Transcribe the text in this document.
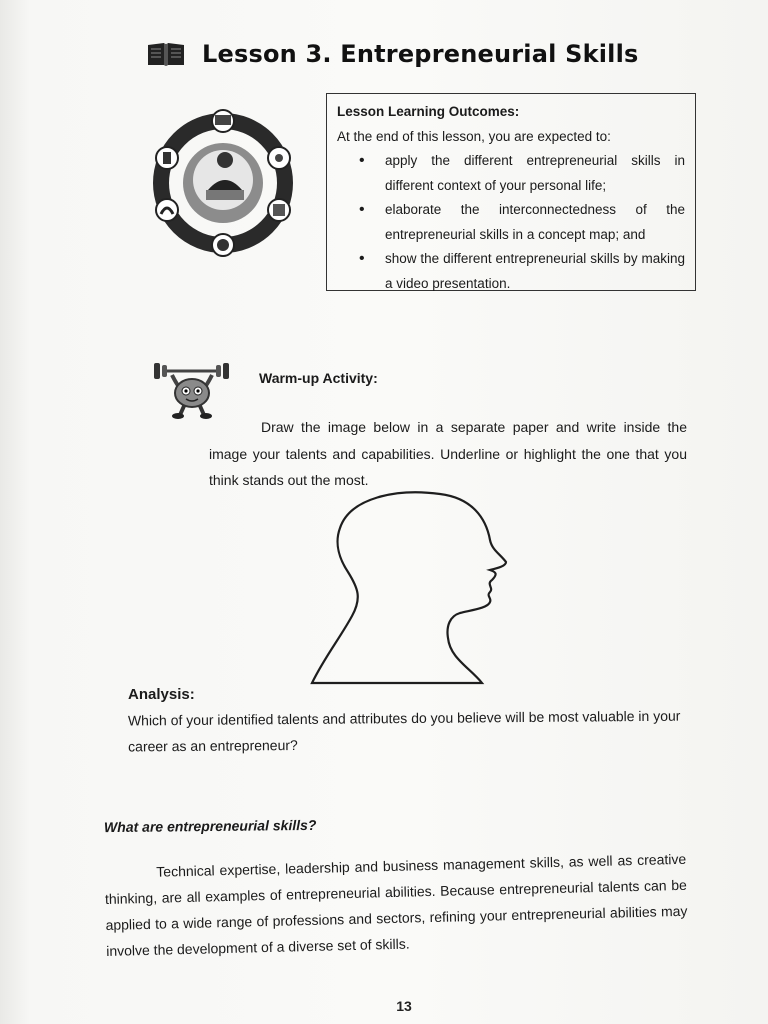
Lesson 3. Entrepreneurial Skills
Lesson Learning Outcomes:
At the end of this lesson, you are expected to:
• apply the different entrepreneurial skills in different context of your personal life;
• elaborate the interconnectedness of the entrepreneurial skills in a concept map; and
• show the different entrepreneurial skills by making a video presentation.
Warm-up Activity:

Draw the image below in a separate paper and write inside the image your talents and capabilities. Underline or highlight the one that you think stands out the most.

Analysis:

Which of your identified talents and attributes do you believe will be most valuable in your career as an entrepreneur?

What are entrepreneurial skills?

Technical expertise, leadership and business management skills, as well as creative thinking, are all examples of entrepreneurial abilities. Because entrepreneurial talents can be applied to a wide range of professions and sectors, refining your entrepreneurial abilities may involve the development of a diverse set of skills.

13
